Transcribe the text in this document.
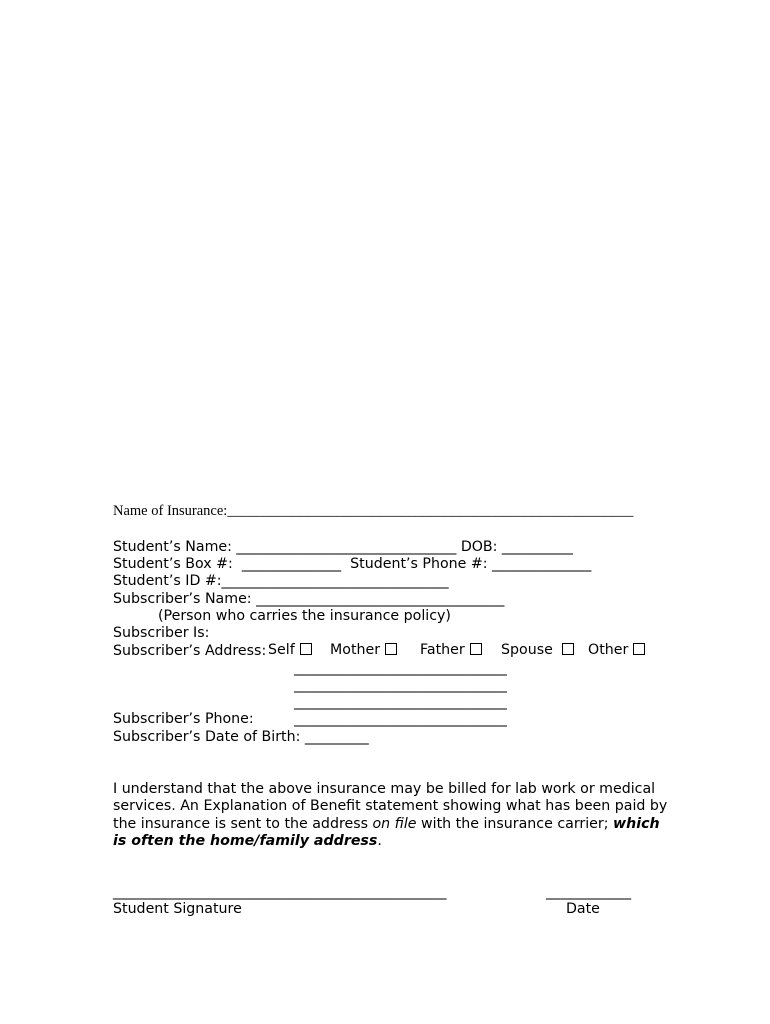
Name of Insurance:________________________________________________________
Student’s Name: _______________________________ DOB: __________
Student’s Box #:  ______________  Student’s Phone #: ______________
Student’s ID #:________________________________
Subscriber’s Name: ___________________________________
(Person who carries the insurance policy)
Subscriber Is:

Self
	Mother
	Father
	Spouse
	Other

Subscriber’s Address:
______________________________
______________________________
______________________________
Subscriber’s Phone:	______________________________
Subscriber’s Date of Birth: _________
I understand that the above insurance may be billed for lab work or medical services. An Explanation of Benefit statement showing what has been paid by the insurance is sent to the address on file with the insurance carrier; which is often the home/family address.
_______________________________________________	____________
Student Signature	Date
